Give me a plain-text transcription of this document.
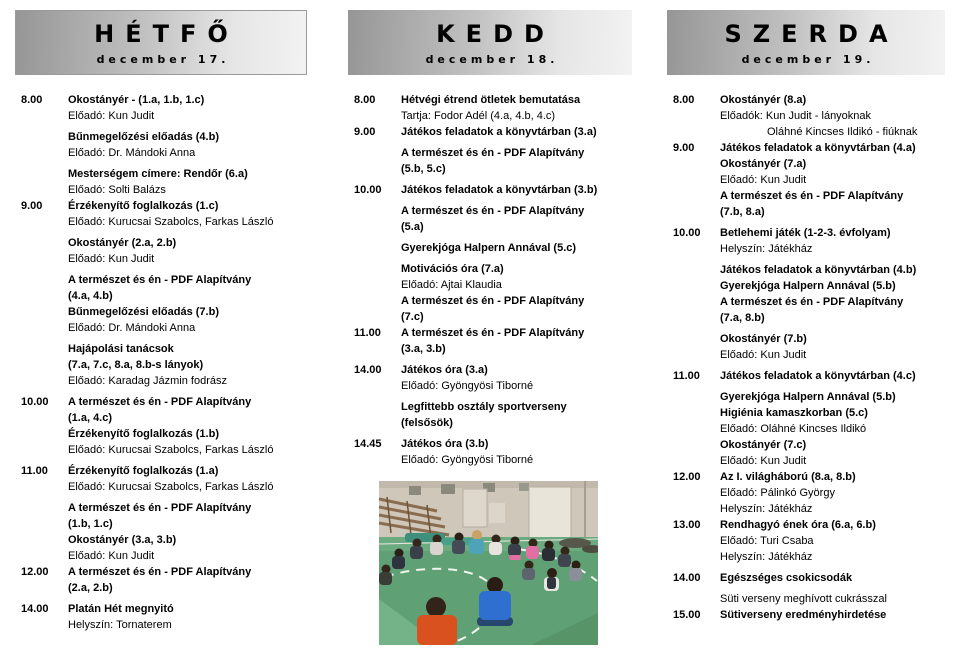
HÉTFŐ
december 17.
8.00	Okostányér - (1.a, 1.b, 1.c)
Előadó: Kun Judit
Bűnmegelőzési előadás (4.b)
Előadó: Dr. Mándoki Anna
Mesterségem címere: Rendőr (6.a)
Előadó: Solti Balázs
9.00	Érzékenyítő foglalkozás (1.c)
Előadó: Kurucsai Szabolcs, Farkas László
Okostányér (2.a, 2.b)
Előadó: Kun Judit
A természet és én - PDF Alapítvány
(4.a, 4.b)
Bűnmegelőzési előadás (7.b)
Előadó: Dr. Mándoki Anna
Hajápolási tanácsok
(7.a, 7.c, 8.a, 8.b-s lányok)
Előadó: Karadag Jázmin fodrász
10.00	A természet és én - PDF Alapítvány
(1.a, 4.c)
Érzékenyítő foglalkozás (1.b)
Előadó: Kurucsai Szabolcs, Farkas László
11.00	Érzékenyítő foglalkozás (1.a)
Előadó: Kurucsai Szabolcs, Farkas László
A természet és én - PDF Alapítvány
(1.b, 1.c)
Okostányér (3.a, 3.b)
Előadó: Kun Judit
12.00	A természet és én - PDF Alapítvány
(2.a, 2.b)
14.00	Platán Hét megnyitó
Helyszín: Tornaterem
KEDD
december 18.
8.00	Hétvégi étrend ötletek bemutatása
Tartja: Fodor Adél (4.a, 4.b, 4.c)
9.00	Játékos feladatok a könyvtárban (3.a)
A természet és én - PDF Alapítvány
(5.b, 5.c)
10.00	Játékos feladatok a könyvtárban (3.b)
A természet és én - PDF Alapítvány
(5.a)
Gyerekjóga Halpern Annával (5.c)
Motivációs óra (7.a)
Előadó: Ajtai Klaudia
A természet és én - PDF Alapítvány
(7.c)
11.00	A természet és én - PDF Alapítvány
(3.a, 3.b)
14.00	Játékos óra (3.a)
Előadó: Gyöngyösi Tiborné
Legfittebb osztály sportverseny
(felsősök)
14.45	Játékos óra (3.b)
Előadó: Gyöngyösi Tiborné
SZERDA
december 19.
8.00	Okostányér (8.a)
Előadók: Kun Judit - lányoknak
Oláhné Kincses Ildikó - fiúknak
9.00	Játékos feladatok a könyvtárban (4.a)
Okostányér (7.a)
Előadó: Kun Judit
A természet és én - PDF Alapítvány
(7.b, 8.a)
10.00	Betlehemi játék (1-2-3. évfolyam)
Helyszín: Játékház
Játékos feladatok a könyvtárban (4.b)
Gyerekjóga Halpern Annával (5.b)
A természet és én - PDF Alapítvány
(7.a, 8.b)
Okostányér (7.b)
Előadó: Kun Judit
11.00	Játékos feladatok a könyvtárban (4.c)
Gyerekjóga Halpern Annával (5.b)
Higiénia kamaszkorban (5.c)
Előadó: Oláhné Kincses Ildikó
Okostányér (7.c)
Előadó: Kun Judit
12.00	Az I. világháború (8.a, 8.b)
Előadó: Pálinkó György
Helyszín: Játékház
13.00	Rendhagyó ének óra (6.a, 6.b)
Előadó: Turi Csaba
Helyszín: Játékház
14.00	Egészséges csokicsodák
Süti verseny meghívott cukrásszal
15.00	Sütiverseny eredményhirdetése
